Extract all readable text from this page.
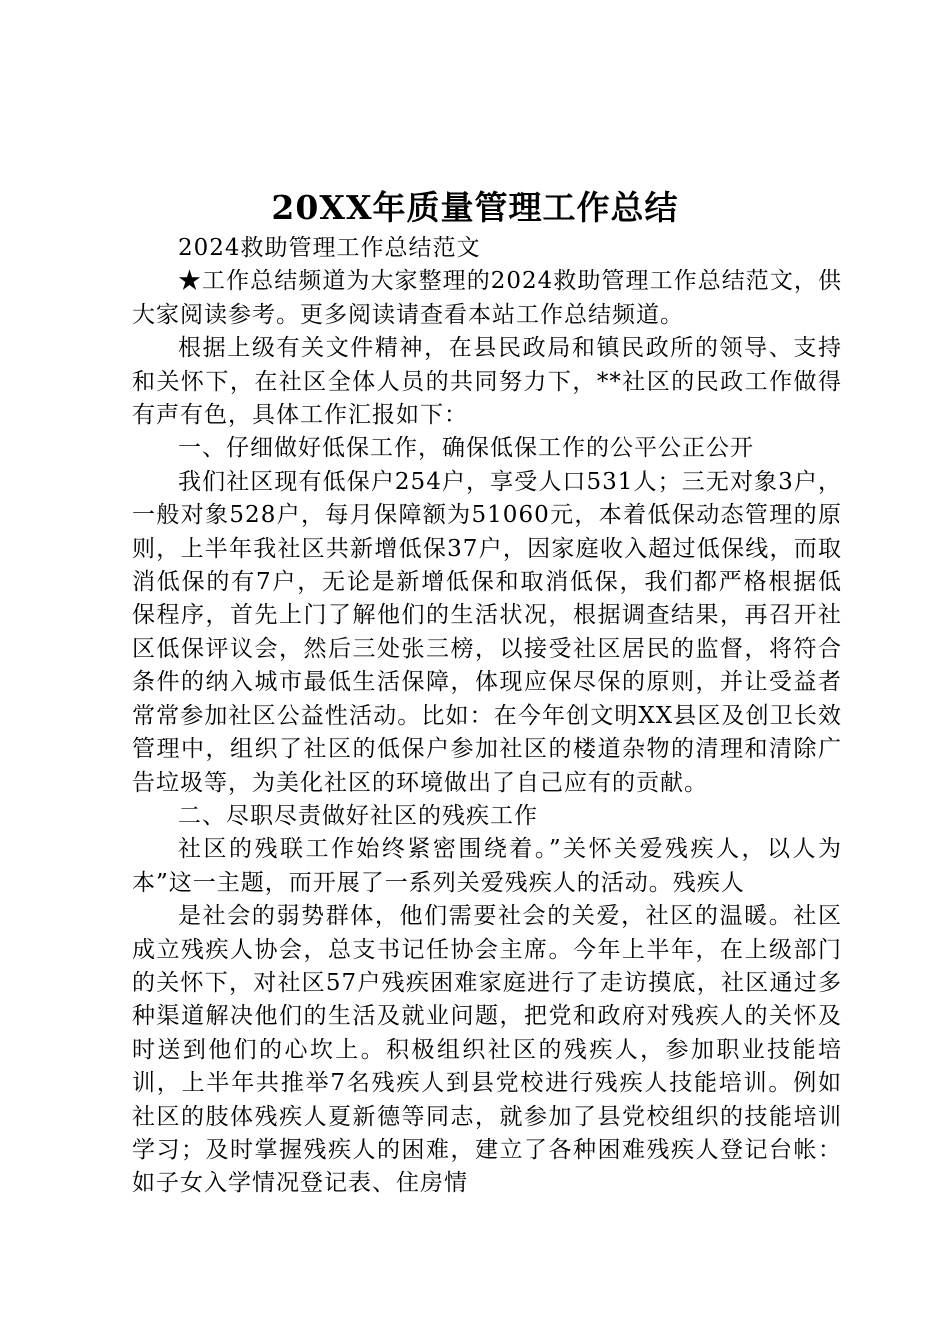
20XX年质量管理工作总结

2024救助管理工作总结范文

★工作总结频道为大家整理的2024救助管理工作总结范文，供大家阅读参考。更多阅读请查看本站工作总结频道。

根据上级有关文件精神，在县民政局和镇民政所的领导、支持和关怀下，在社区全体人员的共同努力下，**社区的民政工作做得有声有色，具体工作汇报如下：

一、仔细做好低保工作，确保低保工作的公平公正公开

我们社区现有低保户254户，享受人口531人；三无对象3户，一般对象528户，每月保障额为51060元，本着低保动态管理的原则，上半年我社区共新增低保37户，因家庭收入超过低保线，而取消低保的有7户，无论是新增低保和取消低保，我们都严格根据低保程序，首先上门了解他们的生活状况，根据调查结果，再召开社区低保评议会，然后三处张三榜，以接受社区居民的监督，将符合条件的纳入城市最低生活保障，体现应保尽保的原则，并让受益者常常参加社区公益性活动。比如：在今年创文明XX县区及创卫长效管理中，组织了社区的低保户参加社区的楼道杂物的清理和清除广告垃圾等，为美化社区的环境做出了自己应有的贡献。

二、尽职尽责做好社区的残疾工作

社区的残联工作始终紧密围绕着。”关怀关爱残疾人，以人为本”这一主题，而开展了一系列关爱残疾人的活动。残疾人

是社会的弱势群体，他们需要社会的关爱，社区的温暖。社区成立残疾人协会，总支书记任协会主席。今年上半年，在上级部门的关怀下，对社区57户残疾困难家庭进行了走访摸底，社区通过多种渠道解决他们的生活及就业问题，把党和政府对残疾人的关怀及时送到他们的心坎上。积极组织社区的残疾人，参加职业技能培训，上半年共推举7名残疾人到县党校进行残疾人技能培训。例如社区的肢体残疾人夏新德等同志，就参加了县党校组织的技能培训学习；及时掌握残疾人的困难，建立了各种困难残疾人登记台帐：如子女入学情况登记表、住房情
